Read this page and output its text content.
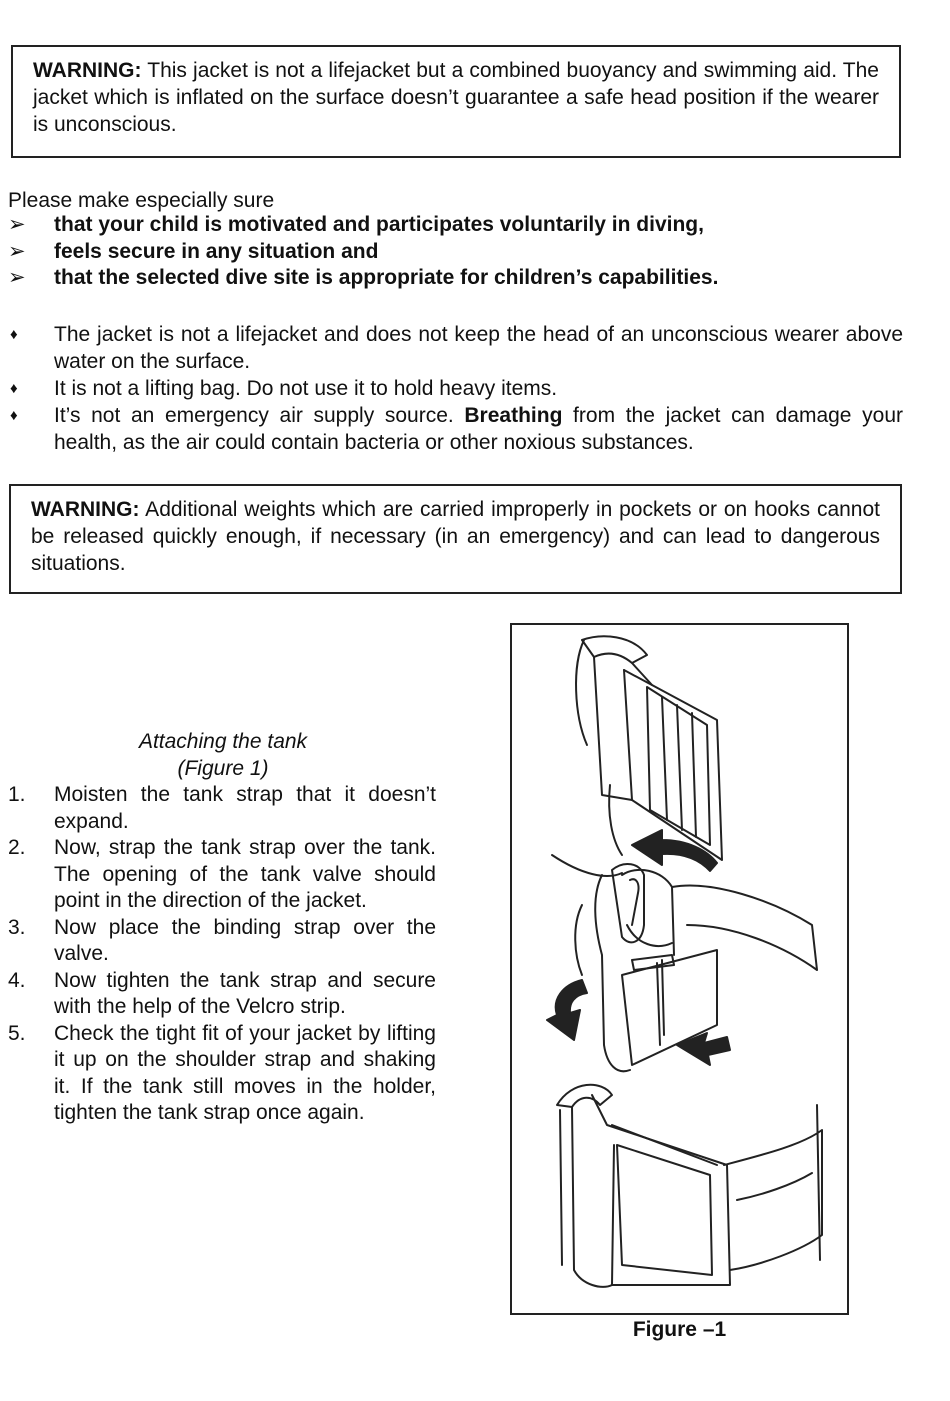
WARNING: This jacket is not a lifejacket but a combined buoyancy and swimming aid. The jacket which is inflated on the surface doesn’t guarantee a safe head position if the wearer is unconscious.
Please make especially sure
➢ that your child is motivated and participates voluntarily in diving,
➢ feels secure in any situation and
➢ that the selected dive site is appropriate for children’s capabilities.
♦ The jacket is not a lifejacket and does not keep the head of an unconscious wearer above water on the surface.
♦ It is not a lifting bag. Do not use it to hold heavy items.
♦ It’s not an emergency air supply source. Breathing from the jacket can damage your health, as the air could contain bacteria or other noxious substances.
WARNING: Additional weights which are carried improperly in pockets or on hooks cannot be released quickly enough, if necessary (in an emergency) and can lead to dangerous situations.
Attaching the tank
(Figure 1)
1. Moisten the tank strap that it doesn’t expand.
2. Now, strap the tank strap over the tank. The opening of the tank valve should point in the direction of the jacket.
3. Now place the binding strap over the valve.
4. Now tighten the tank strap and secure with the help of the Velcro strip.
5. Check the tight fit of your jacket by lifting it up on the shoulder strap and shaking it. If the tank still moves in the holder, tighten the tank strap once again.
Figure –1
